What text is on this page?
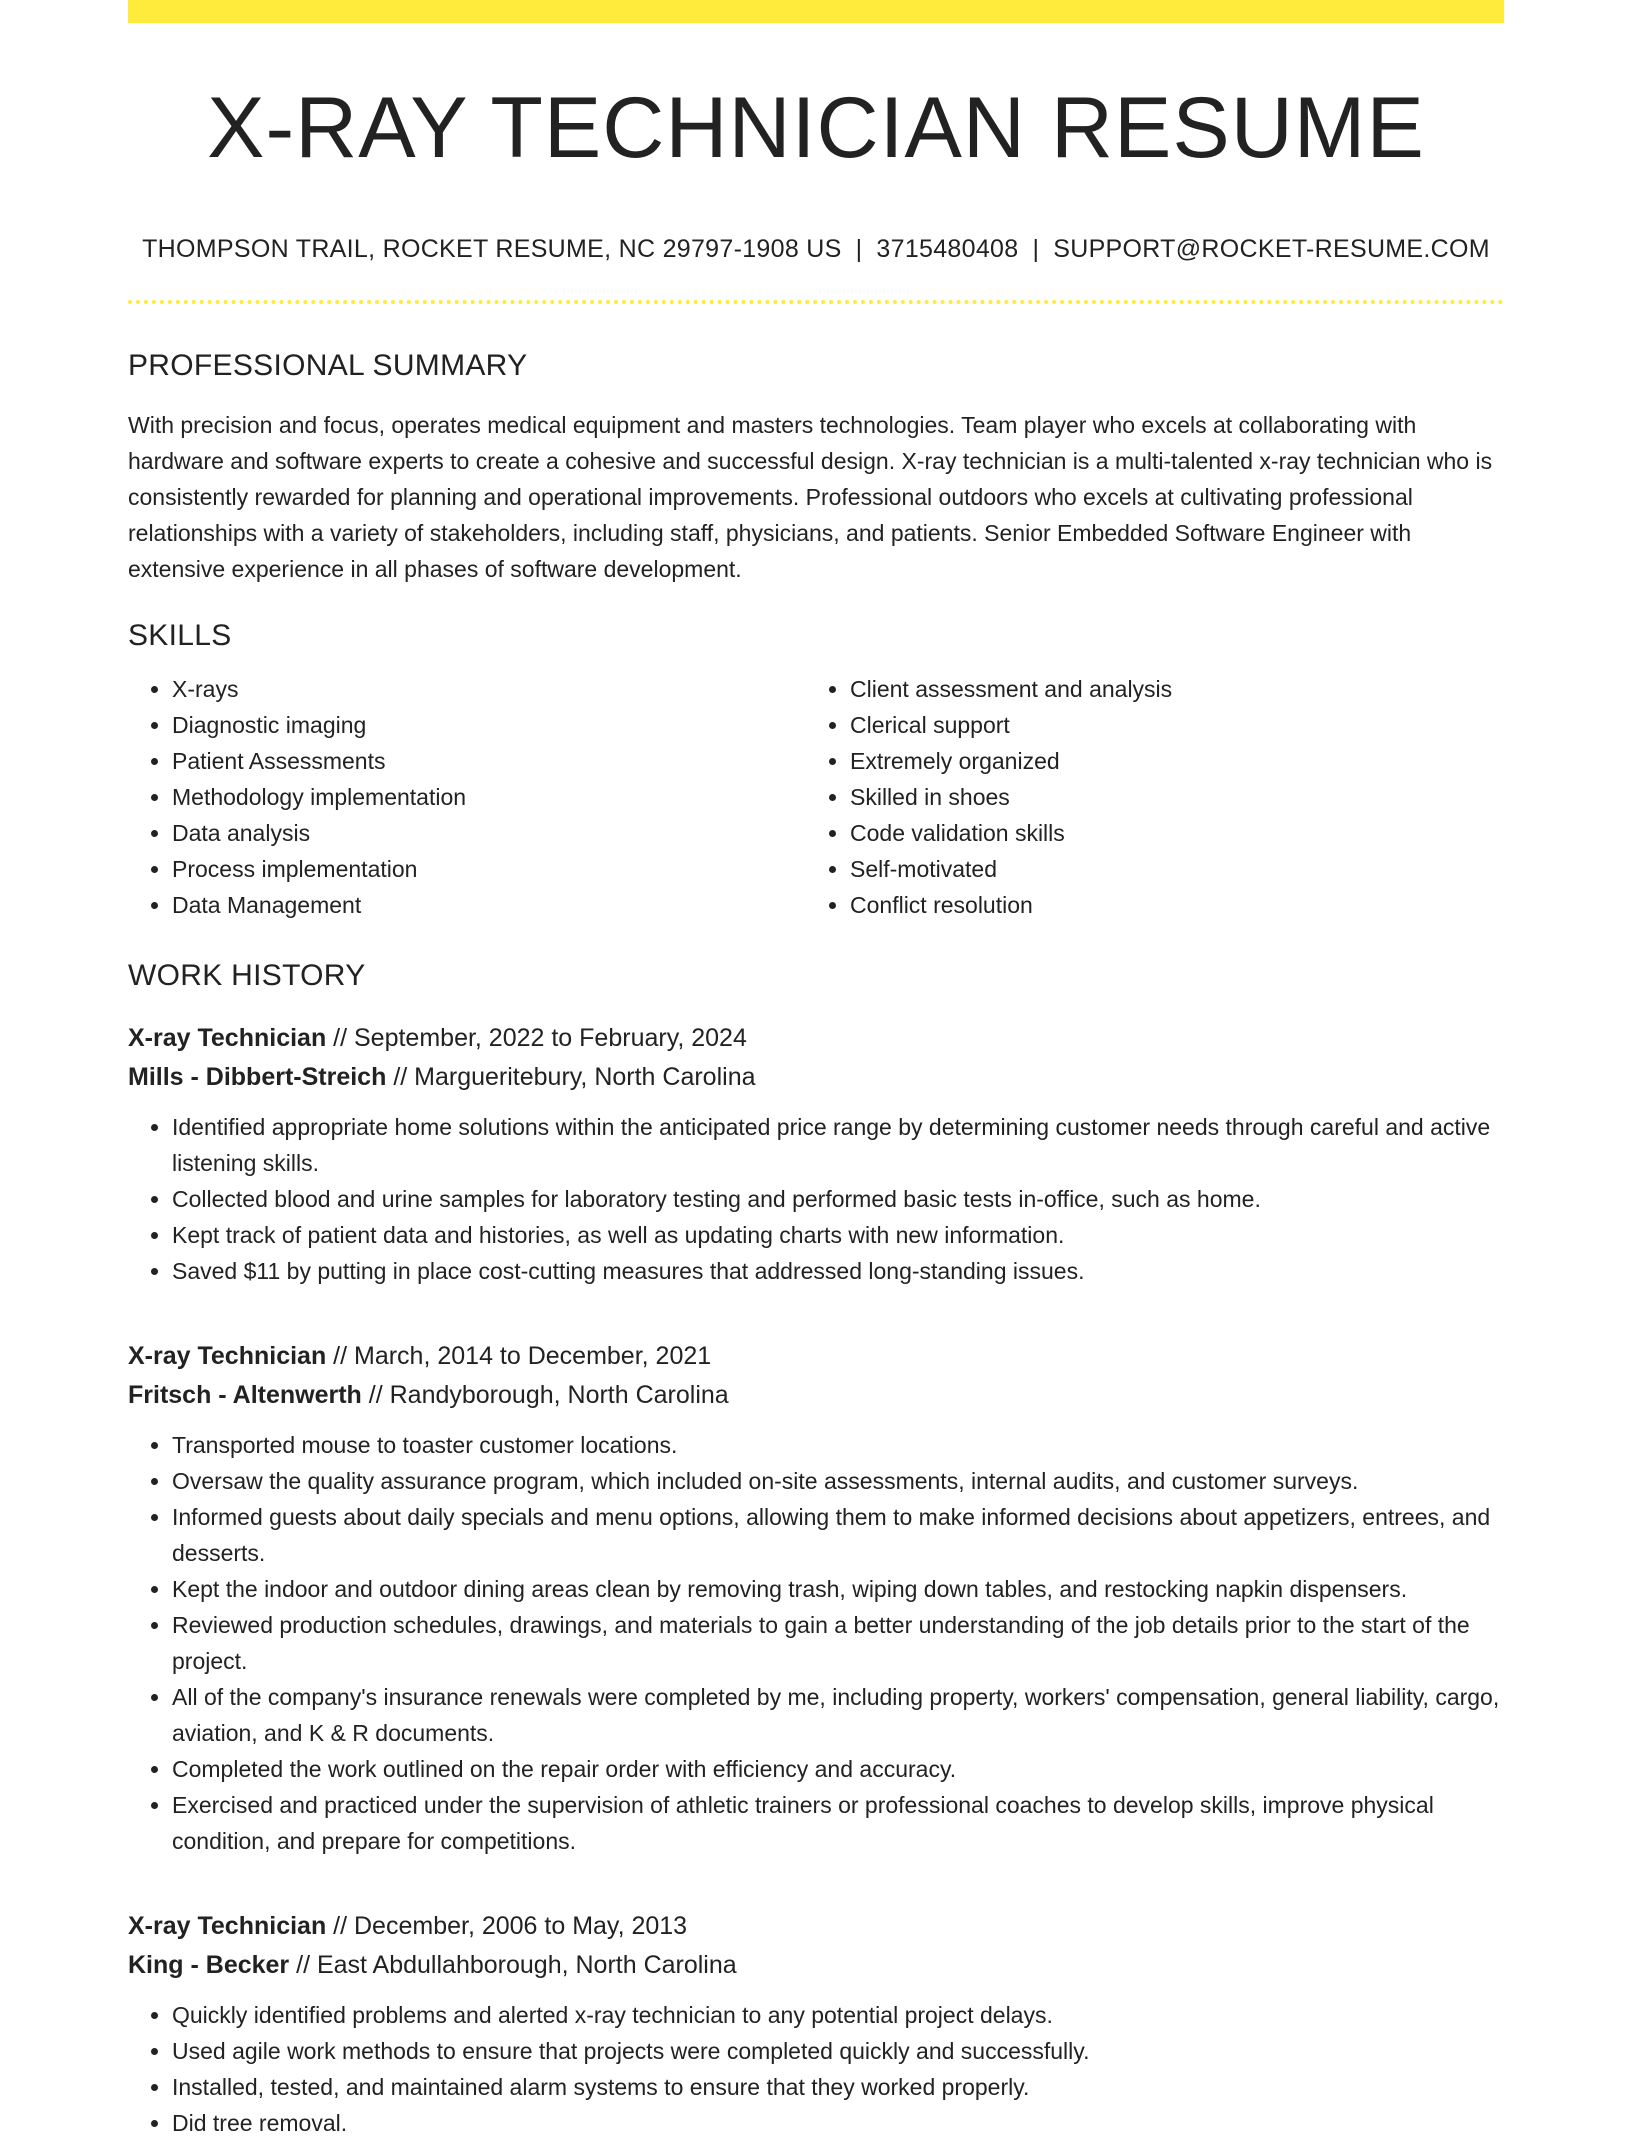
X-RAY TECHNICIAN RESUME
THOMPSON TRAIL, ROCKET RESUME, NC 29797-1908 US | 3715480408 | SUPPORT@ROCKET-RESUME.COM
PROFESSIONAL SUMMARY

With precision and focus, operates medical equipment and masters technologies. Team player who excels at collaborating with hardware and software experts to create a cohesive and successful design. X-ray technician is a multi-talented x-ray technician who is consistently rewarded for planning and operational improvements. Professional outdoors who excels at cultivating professional relationships with a variety of stakeholders, including staff, physicians, and patients. Senior Embedded Software Engineer with extensive experience in all phases of software development.

SKILLS
• X-rays
• Diagnostic imaging
• Patient Assessments
• Methodology implementation
• Data analysis
• Process implementation
• Data Management
• Client assessment and analysis
• Clerical support
• Extremely organized
• Skilled in shoes
• Code validation skills
• Self-motivated
• Conflict resolution
WORK HISTORY
X-ray Technician // September, 2022 to February, 2024
Mills - Dibbert-Streich // Margueritebury, North Carolina
• Identified appropriate home solutions within the anticipated price range by determining customer needs through careful and active listening skills.
• Collected blood and urine samples for laboratory testing and performed basic tests in-office, such as home.
• Kept track of patient data and histories, as well as updating charts with new information.
• Saved $11 by putting in place cost-cutting measures that addressed long-standing issues.
X-ray Technician // March, 2014 to December, 2021
Fritsch - Altenwerth // Randyborough, North Carolina
• Transported mouse to toaster customer locations.
• Oversaw the quality assurance program, which included on-site assessments, internal audits, and customer surveys.
• Informed guests about daily specials and menu options, allowing them to make informed decisions about appetizers, entrees, and desserts.
• Kept the indoor and outdoor dining areas clean by removing trash, wiping down tables, and restocking napkin dispensers.
• Reviewed production schedules, drawings, and materials to gain a better understanding of the job details prior to the start of the project.
• All of the company's insurance renewals were completed by me, including property, workers' compensation, general liability, cargo, aviation, and K & R documents.
• Completed the work outlined on the repair order with efficiency and accuracy.
• Exercised and practiced under the supervision of athletic trainers or professional coaches to develop skills, improve physical condition, and prepare for competitions.
X-ray Technician // December, 2006 to May, 2013
King - Becker // East Abdullahborough, North Carolina
• Quickly identified problems and alerted x-ray technician to any potential project delays.
• Used agile work methods to ensure that projects were completed quickly and successfully.
• Installed, tested, and maintained alarm systems to ensure that they worked properly.
• Did tree removal.
